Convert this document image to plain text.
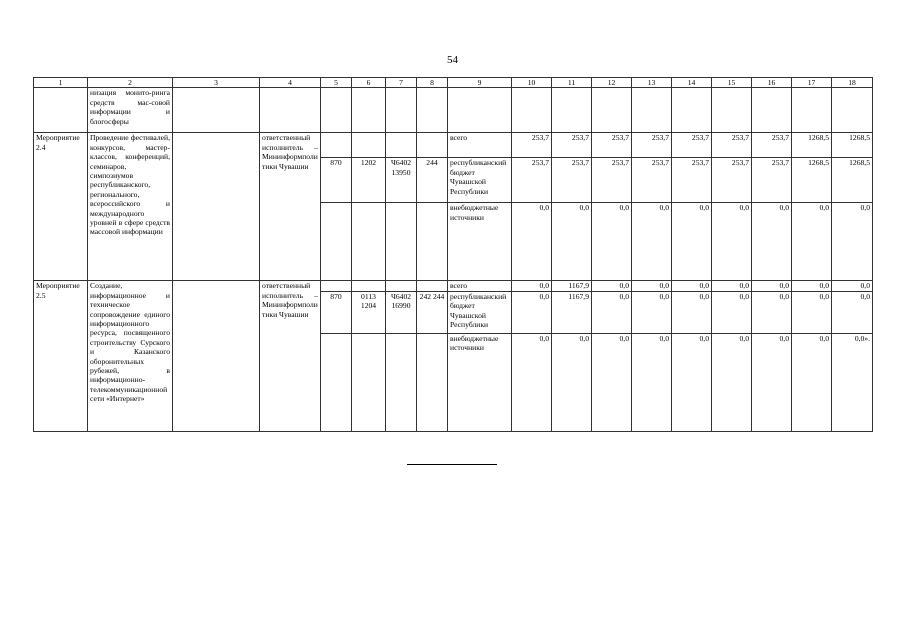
54
1	2	3	4	5	6	7	8	9	10	11	12	13	14	15	16	17	18
	низация монито-ринга средств мас-совой информации и блогосферы																
Мероприятие 2.4	Проведение фестивалей, конкурсов, мастер-классов, конференций, семинаров, симпозиумов республиканского, регионального, всероссийского и международного уровней в сфере средств массовой информации		ответственный исполнитель – Мининформполитики Чувашии					всего	253,7	253,7	253,7	253,7	253,7	253,7	253,7	1268,5	1268,5
				870	1202	Ч6402 13950	244	республиканский бюджет Чувашской Республики	253,7	253,7	253,7	253,7	253,7	253,7	253,7	1268,5	1268,5
								внебюджетные источники	0,0	0,0	0,0	0,0	0,0	0,0	0,0	0,0	0,0
Мероприятие 2.5	Создание, информационное и техническое сопровождение единого информационного ресурса, посвященного строительству Сурского и Казанского оборонительных рубежей, в информационно-телекоммуникационной сети «Интернет»		ответственный исполнитель – Мининформполитики Чувашии					всего	0,0	1167,9	0,0	0,0	0,0	0,0	0,0	0,0	0,0
				870	0113 1204	Ч6402 16990	242 244	республиканский бюджет Чувашской Республики	0,0	1167,9	0,0	0,0	0,0	0,0	0,0	0,0	0,0
								внебюджетные источники	0,0	0,0	0,0	0,0	0,0	0,0	0,0	0,0	0,0».
